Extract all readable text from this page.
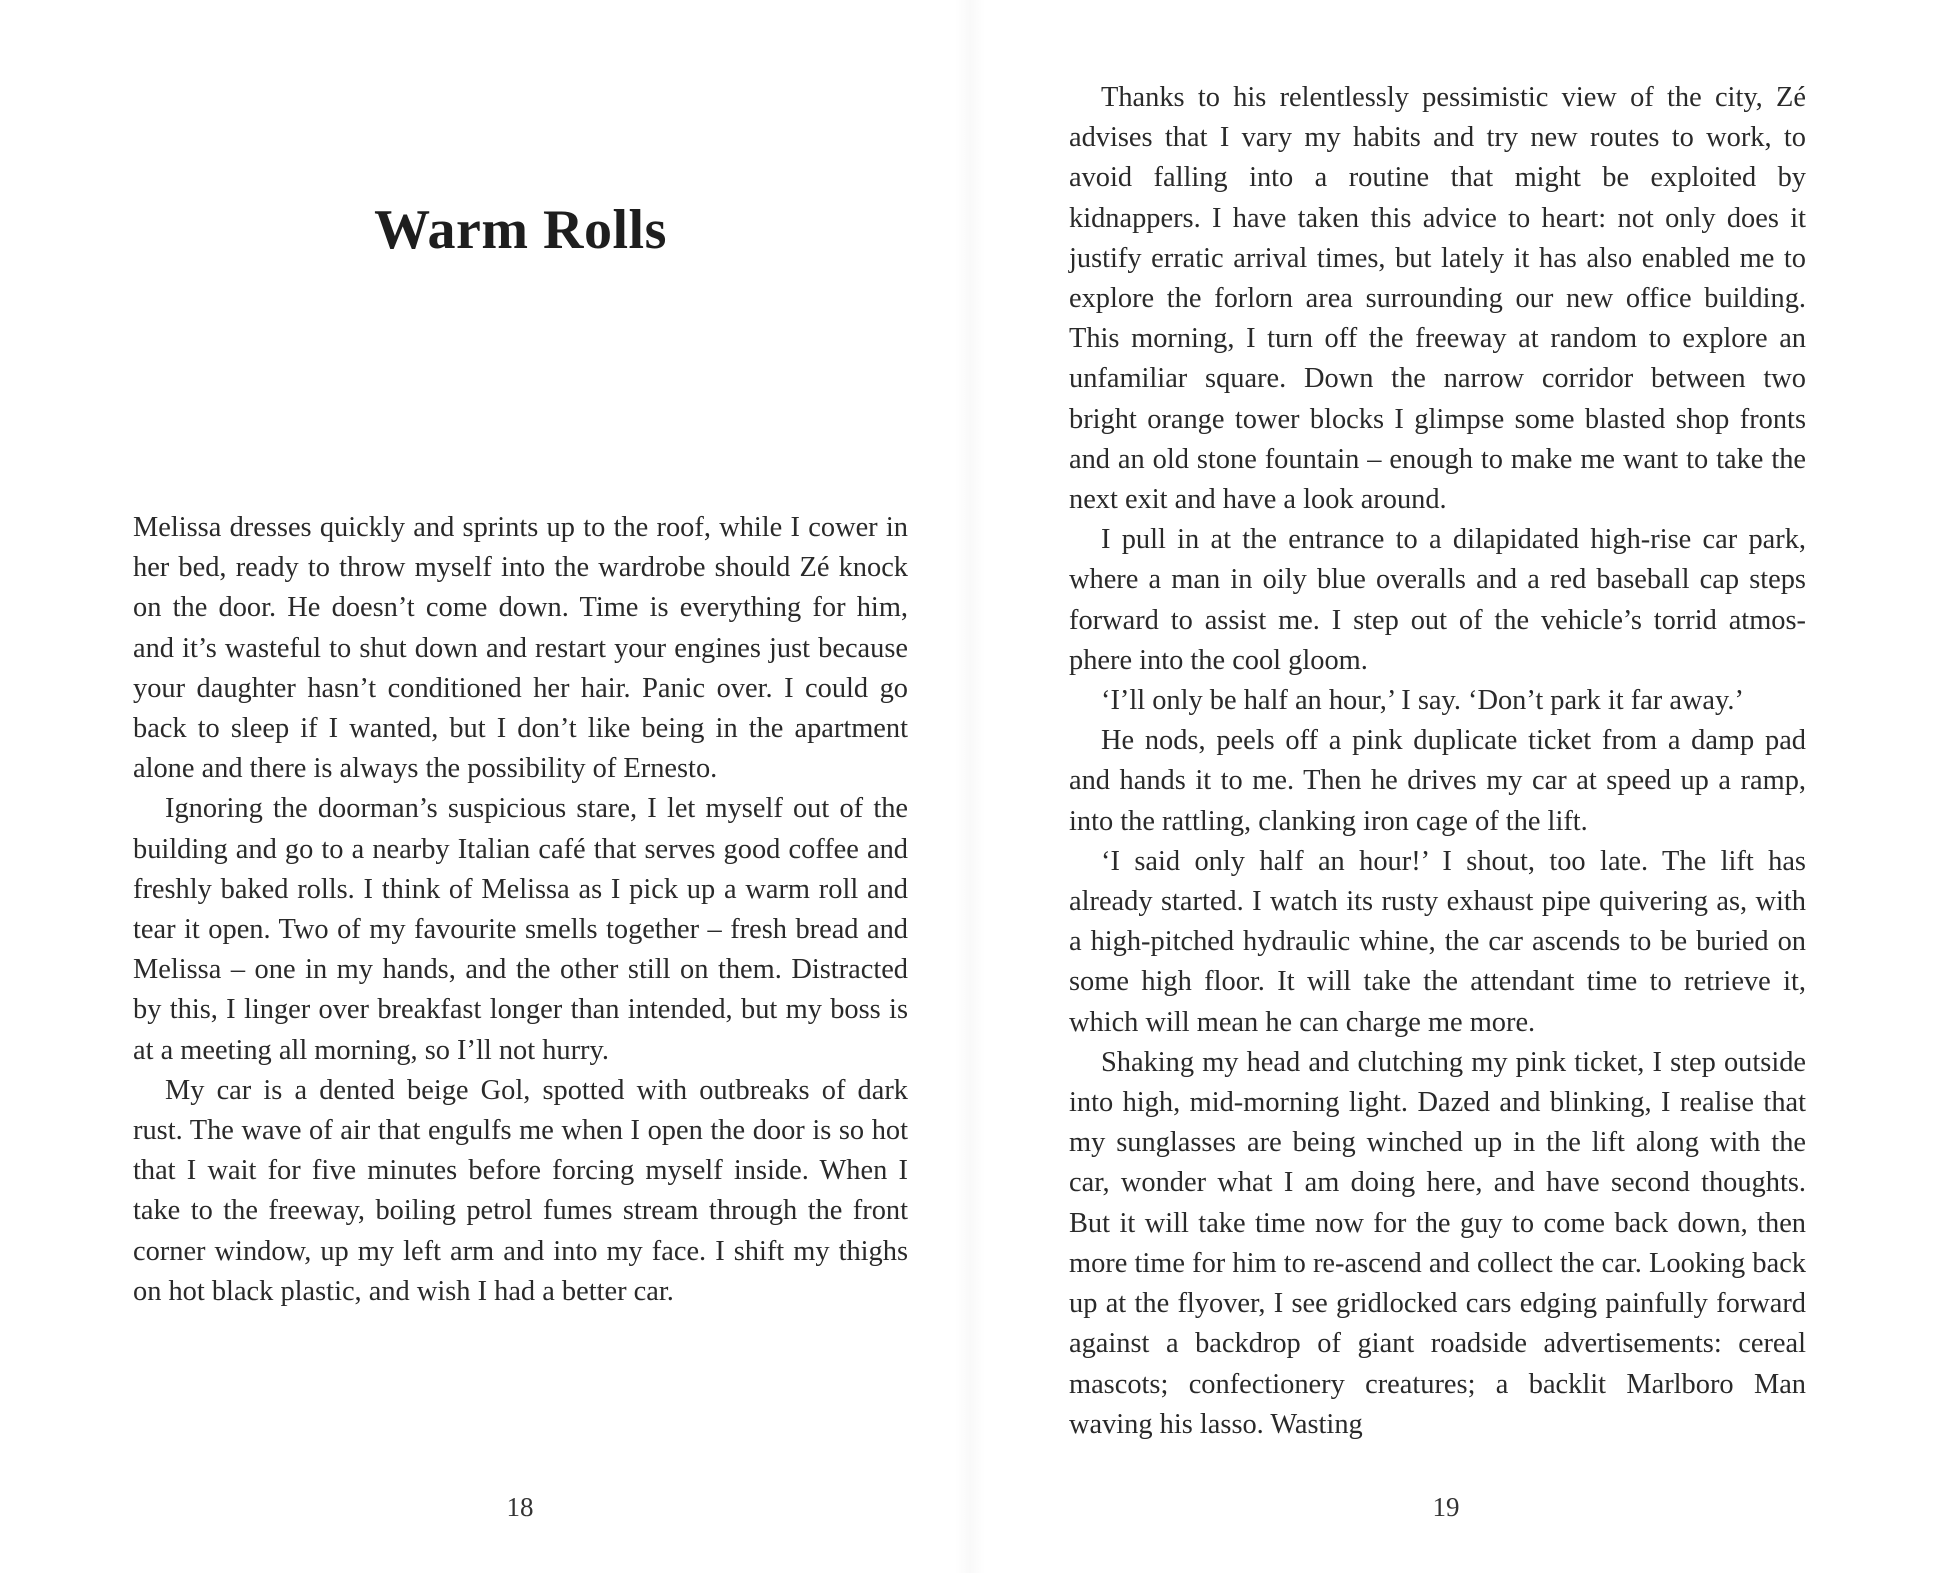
Warm Rolls

Melissa dresses quickly and sprints up to the roof, while I cower in her bed, ready to throw myself into the wardrobe should Zé knock on the door. He doesn’t come down. Time is everything for him, and it’s wasteful to shut down and restart your engines just because your daughter hasn’t conditioned her hair. Panic over. I could go back to sleep if I wanted, but I don’t like being in the apartment alone and there is always the possibility of Ernesto.

Ignoring the doorman’s suspicious stare, I let myself out of the building and go to a nearby Italian café that serves good coffee and freshly baked rolls. I think of Melissa as I pick up a warm roll and tear it open. Two of my favourite smells together – fresh bread and Melissa – one in my hands, and the other still on them. Distracted by this, I linger over breakfast longer than intended, but my boss is at a meeting all morning, so I’ll not hurry.

My car is a dented beige Gol, spotted with outbreaks of dark rust. The wave of air that engulfs me when I open the door is so hot that I wait for five minutes before forcing myself inside. When I take to the freeway, boiling petrol fumes stream through the front corner window, up my left arm and into my face. I shift my thighs on hot black plastic, and wish I had a better car.

18

Thanks to his relentlessly pessimistic view of the city, Zé advises that I vary my habits and try new routes to work, to avoid falling into a routine that might be exploited by kidnappers. I have taken this advice to heart: not only does it justify erratic arrival times, but lately it has also enabled me to explore the forlorn area surrounding our new office building. This morning, I turn off the freeway at random to explore an unfamiliar square. Down the narrow corridor between two bright orange tower blocks I glimpse some blasted shop fronts and an old stone fountain – enough to make me want to take the next exit and have a look around.

I pull in at the entrance to a dilapidated high-rise car park, where a man in oily blue overalls and a red baseball cap steps forward to assist me. I step out of the vehicle’s torrid atmosphere into the cool gloom.

‘I’ll only be half an hour,’ I say. ‘Don’t park it far away.’

He nods, peels off a pink duplicate ticket from a damp pad and hands it to me. Then he drives my car at speed up a ramp, into the rattling, clanking iron cage of the lift.

‘I said only half an hour!’ I shout, too late. The lift has already started. I watch its rusty exhaust pipe quivering as, with a high-pitched hydraulic whine, the car ascends to be buried on some high floor. It will take the attendant time to retrieve it, which will mean he can charge me more.

Shaking my head and clutching my pink ticket, I step outside into high, mid-morning light. Dazed and blinking, I realise that my sunglasses are being winched up in the lift along with the car, wonder what I am doing here, and have second thoughts. But it will take time now for the guy to come back down, then more time for him to re-ascend and collect the car. Looking back up at the flyover, I see gridlocked cars edging painfully forward against a backdrop of giant roadside advertisements: cereal mascots; confectionery creatures; a backlit Marlboro Man waving his lasso. Wasting

19
